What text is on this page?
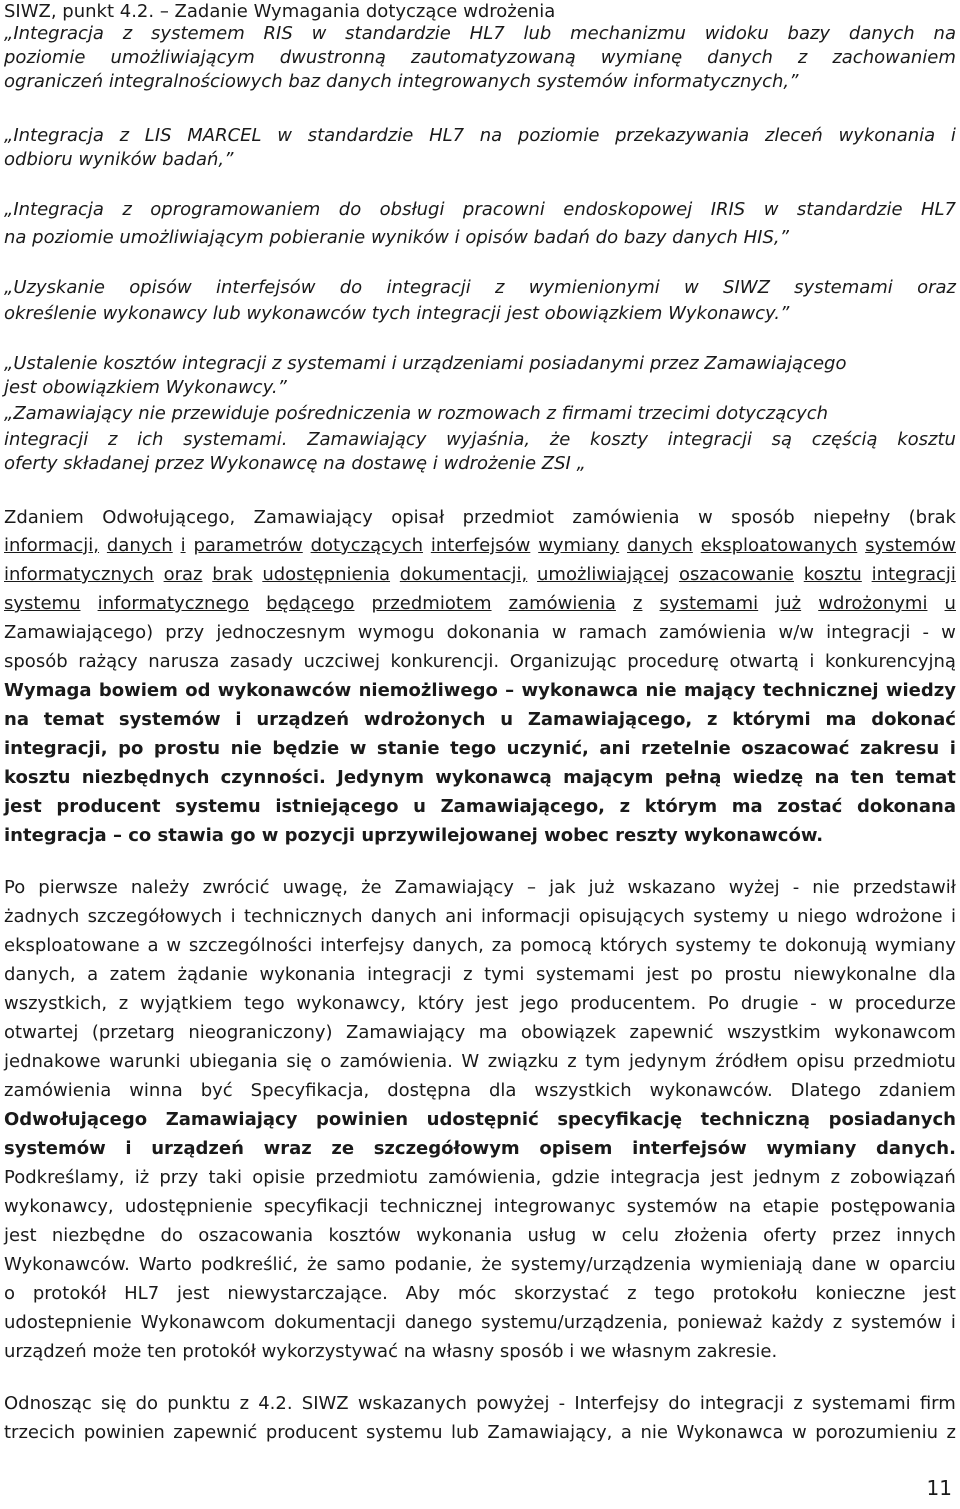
SIWZ, punkt 4.2. – Zadanie Wymagania dotyczące wdrożenia
„Integracja z systemem RIS w standardzie HL7 lub mechanizmu widoku bazy danych na
poziomie umożliwiającym dwustronną zautomatyzowaną wymianę danych z zachowaniem
ograniczeń integralnościowych baz danych integrowanych systemów informatycznych,”
„Integracja z LIS MARCEL w standardzie HL7 na poziomie przekazywania zleceń wykonania i
odbioru wyników badań,”
„Integracja z oprogramowaniem do obsługi pracowni endoskopowej IRIS w standardzie HL7
na poziomie umożliwiającym pobieranie wyników i opisów badań do bazy danych HIS,”
„Uzyskanie opisów interfejsów do integracji z wymienionymi w SIWZ systemami oraz
określenie wykonawcy lub wykonawców tych integracji jest obowiązkiem Wykonawcy.”
„Ustalenie kosztów integracji z systemami i urządzeniami posiadanymi przez Zamawiającego
jest obowiązkiem Wykonawcy.”
„Zamawiający nie przewiduje pośredniczenia w rozmowach z firmami trzecimi dotyczących
integracji z ich systemami. Zamawiający wyjaśnia, że koszty integracji są częścią kosztu
oferty składanej przez Wykonawcę na dostawę i wdrożenie ZSI „
Zdaniem Odwołującego, Zamawiający opisał przedmiot zamówienia w sposób niepełny (brak
informacji, danych i parametrów dotyczących interfejsów wymiany danych eksploatowanych systemów
informatycznych oraz brak udostępnienia dokumentacji, umożliwiającej oszacowanie kosztu integracji
systemu informatycznego będącego przedmiotem zamówienia z systemami już wdrożonymi u
Zamawiającego) przy jednoczesnym wymogu dokonania w ramach zamówienia w/w integracji - w
sposób rażący narusza zasady uczciwej konkurencji. Organizując procedurę otwartą i konkurencyjną
Wymaga bowiem od wykonawców niemożliwego – wykonawca nie mający technicznej wiedzy
na temat systemów i urządzeń wdrożonych u Zamawiającego, z którymi ma dokonać
integracji, po prostu nie będzie w stanie tego uczynić, ani rzetelnie oszacować zakresu i
kosztu niezbędnych czynności. Jedynym wykonawcą mającym pełną wiedzę na ten temat
jest producent systemu istniejącego u Zamawiającego, z którym ma zostać dokonana
integracja – co stawia go w pozycji uprzywilejowanej wobec reszty wykonawców.
Po pierwsze należy zwrócić uwagę, że Zamawiający – jak już wskazano wyżej - nie przedstawił
żadnych szczegółowych i technicznych danych ani informacji opisujących systemy u niego wdrożone i
eksploatowane a w szczególności interfejsy danych, za pomocą których systemy te dokonują wymiany
danych, a zatem żądanie wykonania integracji z tymi systemami jest po prostu niewykonalne dla
wszystkich, z wyjątkiem tego wykonawcy, który jest jego producentem. Po drugie - w procedurze
otwartej (przetarg nieograniczony) Zamawiający ma obowiązek zapewnić wszystkim wykonawcom
jednakowe warunki ubiegania się o zamówienia. W związku z tym jedynym źródłem opisu przedmiotu
zamówienia winna być Specyfikacja, dostępna dla wszystkich wykonawców. Dlatego zdaniem
Odwołującego Zamawiający powinien udostępnić specyfikację techniczną posiadanych
systemów i urządzeń wraz ze szczegółowym opisem interfejsów wymiany danych.
Podkreślamy, iż przy taki opisie przedmiotu zamówienia, gdzie integracja jest jednym z zobowiązań
wykonawcy, udostępnienie specyfikacji technicznej integrowanyc systemów na etapie postępowania
jest niezbędne do oszacowania kosztów wykonania usług w celu złożenia oferty przez innych
Wykonawców. Warto podkreślić, że samo podanie, że systemy/urządzenia wymieniają dane w oparciu
o protokół HL7 jest niewystarczające. Aby móc skorzystać z tego protokołu konieczne jest
udostepnienie Wykonawcom dokumentacji danego systemu/urządzenia, ponieważ każdy z systemów i
urządzeń może ten protokół wykorzystywać na własny sposób i we własnym zakresie.
Odnosząc się do punktu z 4.2. SIWZ wskazanych powyżej - Interfejsy do integracji z systemami firm
trzecich powinien zapewnić producent systemu lub Zamawiający, a nie Wykonawca w porozumieniu z
11
